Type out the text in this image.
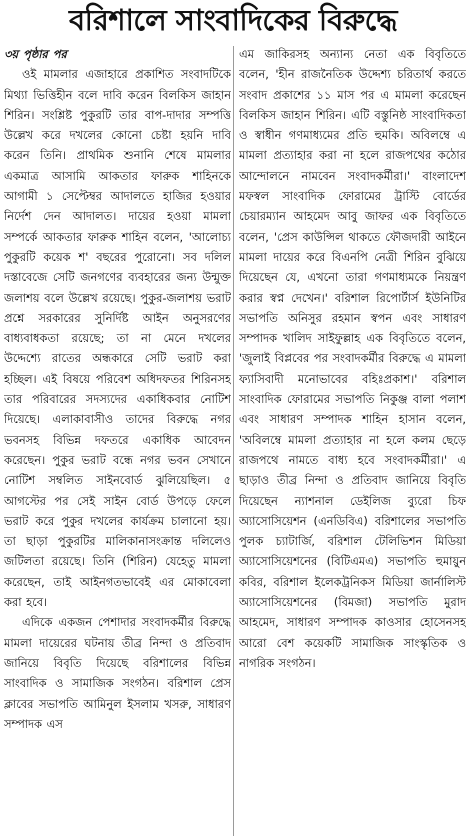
বরিশালে সাংবাদিকের বিরুদ্ধে
৩য় পৃষ্ঠার পর

ওই মামলার এজাহারে প্রকাশিত সংবাদটিকে মিথ্যা ভিত্তিহীন বলে দাবি করেন বিলকিস জাহান শিরিন। সংশ্লিষ্ট পুকুরটি তার বাপ-দাদার সম্পত্তি উল্লেখ করে দখলের কোনো চেষ্টা হয়নি দাবি করেন তিনি। প্রাথমিক শুনানি শেষে মামলার একমাত্র আসামি আকতার ফারুক শাহিনকে আগামী ১ সেপ্টেম্বর আদালতে হাজির হওয়ার নির্দেশ দেন আদালত। দায়ের হওয়া মামলা সম্পর্কে আকতার ফারুক শাহিন বলেন, 'আলোচ্য পুকুরটি কয়েক শ' বছরের পুরোনো। সব দলিল দস্তাবেজে সেটি জনগণের ব্যবহারের জন্য উন্মুক্ত জলাশয় বলে উল্লেখ রয়েছে। পুকুর-জলাশয় ভরাট প্রশ্নে সরকারের সুনির্দিষ্ট আইন অনুসরণের বাধ্যবাধকতা রয়েছে; তা না মেনে দখলের উদ্দেশ্যে রাতের অন্ধকারে সেটি ভরাট করা হচ্ছিল। এই বিষয়ে পরিবেশ অধিদফতর শিরিনসহ তার পরিবারের সদস্যদের একাধিকবার নোটিশ দিয়েছে। এলাকাবাসীও তাদের বিরুদ্ধে নগর ভবনসহ বিভিন্ন দফতরে একাধিক আবেদন করেছেন। পুকুর ভরাট বন্ধে নগর ভবন সেখানে নোটিশ সম্বলিত সাইনবোর্ড ঝুলিয়েছিল। ৫ আগস্টের পর সেই সাইন বোর্ড উপড়ে ফেলে ভরাট করে পুকুর দখলের কার্যক্রম চালানো হয়। তা ছাড়া পুকুরটির মালিকানাসংক্রান্ত দলিলেও জটিলতা রয়েছে। তিনি (শিরিন) যেহেতু মামলা করেছেন, তাই আইনগতভাবেই এর মোকাবেলা করা হবে।

এদিকে একজন পেশাদার সংবাদকর্মীর বিরুদ্ধে মামলা দায়েরের ঘটনায় তীব্র নিন্দা ও প্রতিবাদ জানিয়ে বিবৃতি দিয়েছে বরিশালের বিভিন্ন সাংবাদিক ও সামাজিক সংগঠন। বরিশাল প্রেস ক্লাবের সভাপতি আমিনুল ইসলাম খসরু, সাধারণ সম্পাদক এস

এম জাকিরসহ অন্যান্য নেতা এক বিবৃতিতে বলেন, 'হীন রাজনৈতিক উদ্দেশ্য চরিতার্থ করতে সংবাদ প্রকাশের ১১ মাস পর এ মামলা করেছেন বিলকিস জাহান শিরিন। এটি বস্তুনিষ্ঠ সাংবাদিকতা ও স্বাধীন গণমাধ্যমের প্রতি হুমকি। অবিলম্বে এ মামলা প্রত্যাহার করা না হলে রাজপথের কঠোর আন্দোলনে নামবেন সংবাদকর্মীরা।' বাংলাদেশ মফস্বল সাংবাদিক ফোরামের ট্রাস্টি বোর্ডের চেয়ারম্যান আহমেদ আবু জাফর এক বিবৃতিতে বলেন, 'প্রেস কাউন্সিল থাকতে ফৌজদারী আইনে মামলা দায়ের করে বিএনপি নেত্রী শিরিন বুঝিয়ে দিয়েছেন যে, এখনো তারা গণমাধ্যমকে নিয়ন্ত্রণ করার স্বপ্ন দেখেন।' বরিশাল রিপোর্টার্স ইউনিটির সভাপতি অনিসুর রহমান স্বপন এবং সাধারণ সম্পাদক খালিদ সাইফুল্লাহ এক বিবৃতিতে বলেন, 'জুলাই বিপ্লবের পর সংবাদকর্মীর বিরুদ্ধে এ মামলা ফ্যাসিবাদী মনোভাবের বহিঃপ্রকাশ।' বরিশাল সাংবাদিক ফোরামের সভাপতি নিকুঞ্জ বালা পলাশ এবং সাধারণ সম্পাদক শাহিন হাসান বলেন, 'অবিলম্বে মামলা প্রত্যাহার না হলে কলম ছেড়ে রাজপথে নামতে বাধ্য হবে সংবাদকর্মীরা।' এ ছাড়াও তীব্র নিন্দা ও প্রতিবাদ জানিয়ে বিবৃতি দিয়েছেন ন্যাশনাল ডেইলিজ ব্যুরো চিফ অ্যাসোসিয়েশন (এনডিবিএ) বরিশালের সভাপতি পুলক চ্যাটার্জি, বরিশাল টেলিভিশন মিডিয়া অ্যাসোসিয়েশনের (বিটিএমএ) সভাপতি হুমায়ুন কবির, বরিশাল ইলেকট্রনিকস মিডিয়া জার্নালিস্ট অ্যাসোসিয়েশনের (বিমজা) সভাপতি মুরাদ আহমেদ, সাধারণ সম্পাদক কাওসার হোসেনসহ আরো বেশ কয়েকটি সামাজিক সাংস্কৃতিক ও নাগরিক সংগঠন।
